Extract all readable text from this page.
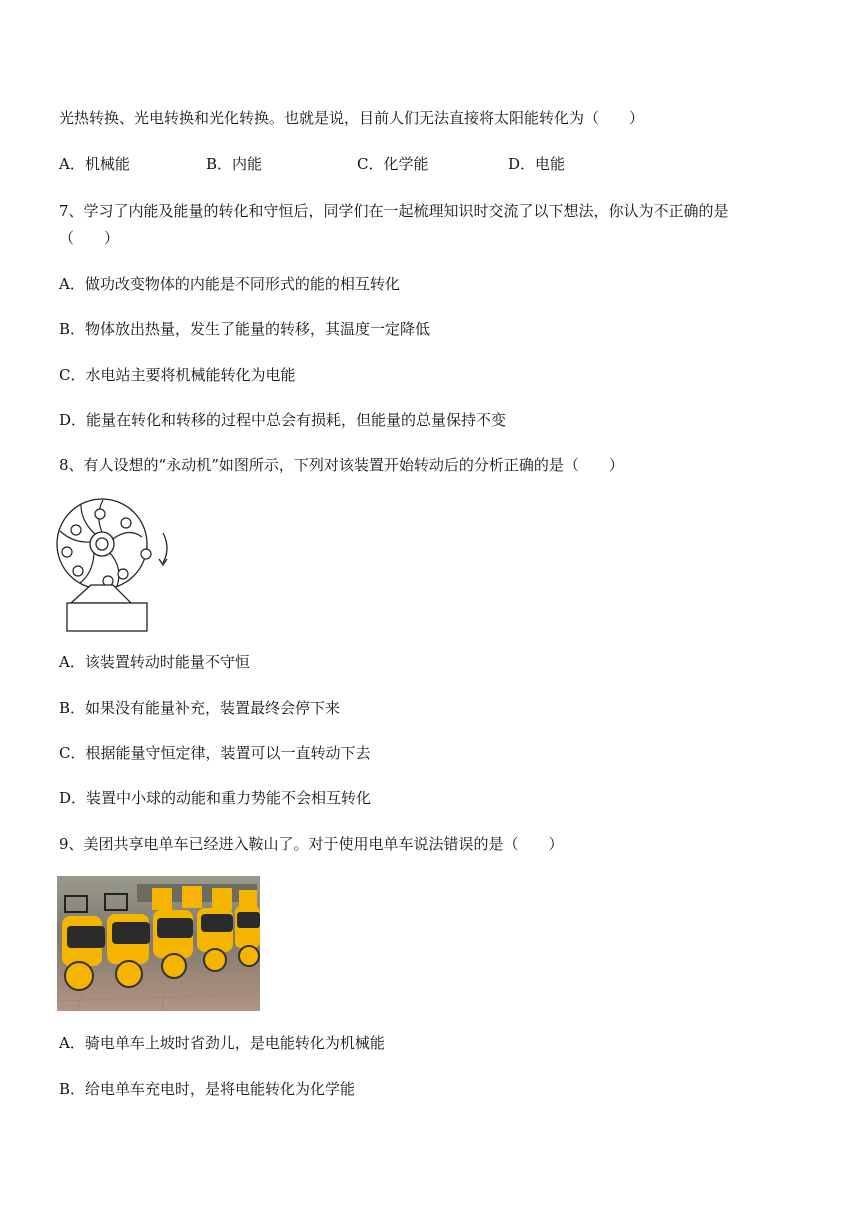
光热转换、光电转换和光化转换。也就是说，目前人们无法直接将太阳能转化为（　　）
A．机械能	B．内能	C．化学能	D．电能
7、学习了内能及能量的转化和守恒后，同学们在一起梳理知识时交流了以下想法，你认为不正确的是
（　　）
A．做功改变物体的内能是不同形式的能的相互转化
B．物体放出热量，发生了能量的转移，其温度一定降低
C．水电站主要将机械能转化为电能
D．能量在转化和转移的过程中总会有损耗，但能量的总量保持不变
8、有人设想的“永动机”如图所示，下列对该装置开始转动后的分析正确的是（　　）
A．该装置转动时能量不守恒
B．如果没有能量补充，装置最终会停下来
C．根据能量守恒定律，装置可以一直转动下去
D．装置中小球的动能和重力势能不会相互转化
9、美团共享电单车已经进入鞍山了。对于使用电单车说法错误的是（　　）
A．骑电单车上坡时省劲儿，是电能转化为机械能
B．给电单车充电时，是将电能转化为化学能
